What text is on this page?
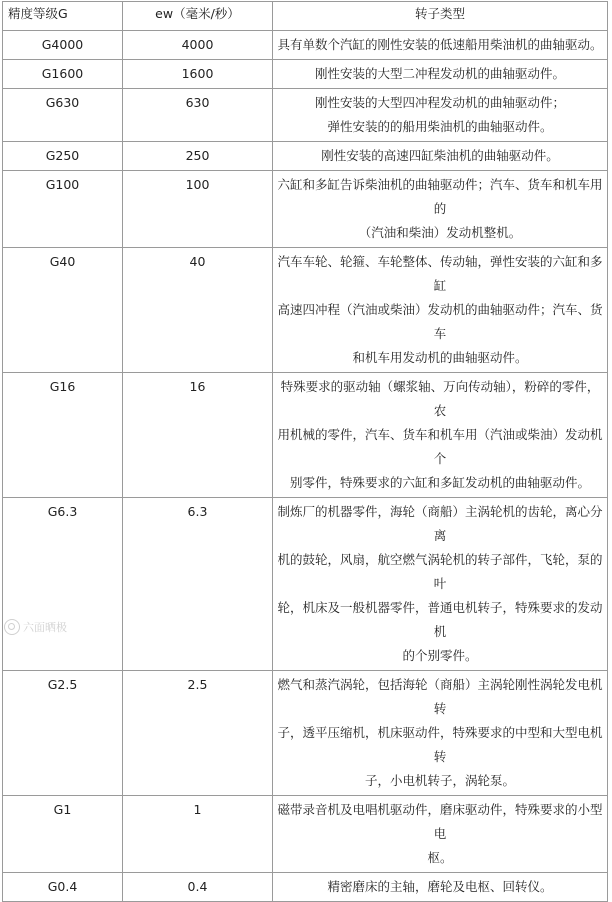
精度等级G	ew（毫米/秒）	转子类型
G4000	4000	具有单数个汽缸的刚性安装的低速船用柴油机的曲轴驱动。

G1600	1600	刚性安装的大型二冲程发动机的曲轴驱动件。

G630	630	刚性安装的大型四冲程发动机的曲轴驱动件；
弹性安装的的船用柴油机的曲轴驱动件。

G250	250	刚性安装的高速四缸柴油机的曲轴驱动件。

G100	100	六缸和多缸告诉柴油机的曲轴驱动件；汽车、货车和机车用的
（汽油和柴油）发动机整机。

G40	40	汽车车轮、轮箍、车轮整体、传动轴，弹性安装的六缸和多缸
高速四冲程（汽油或柴油）发动机的曲轴驱动件；汽车、货车
和机车用发动机的曲轴驱动件。

G16	16	特殊要求的驱动轴（螺浆轴、万向传动轴），粉碎的零件，农
用机械的零件，汽车、货车和机车用（汽油或柴油）发动机个
别零件，特殊要求的六缸和多缸发动机的曲轴驱动件。

G6.3	6.3	制炼厂的机器零件，海轮（商船）主涡轮机的齿轮，离心分离
机的鼓轮，风扇，航空燃气涡轮机的转子部件，飞轮，泵的叶
轮，机床及一般机器零件，普通电机转子，特殊要求的发动机
的个别零件。

G2.5	2.5	燃气和蒸汽涡轮，包括海轮（商船）主涡轮刚性涡轮发电机转
子，透平压缩机，机床驱动件，特殊要求的中型和大型电机转
子，小电机转子，涡轮泵。

G1	1	磁带录音机及电唱机驱动件，磨床驱动件，特殊要求的小型电
枢。

G0.4	0.4	精密磨床的主轴，磨轮及电枢、回转仪。
六面晒极
